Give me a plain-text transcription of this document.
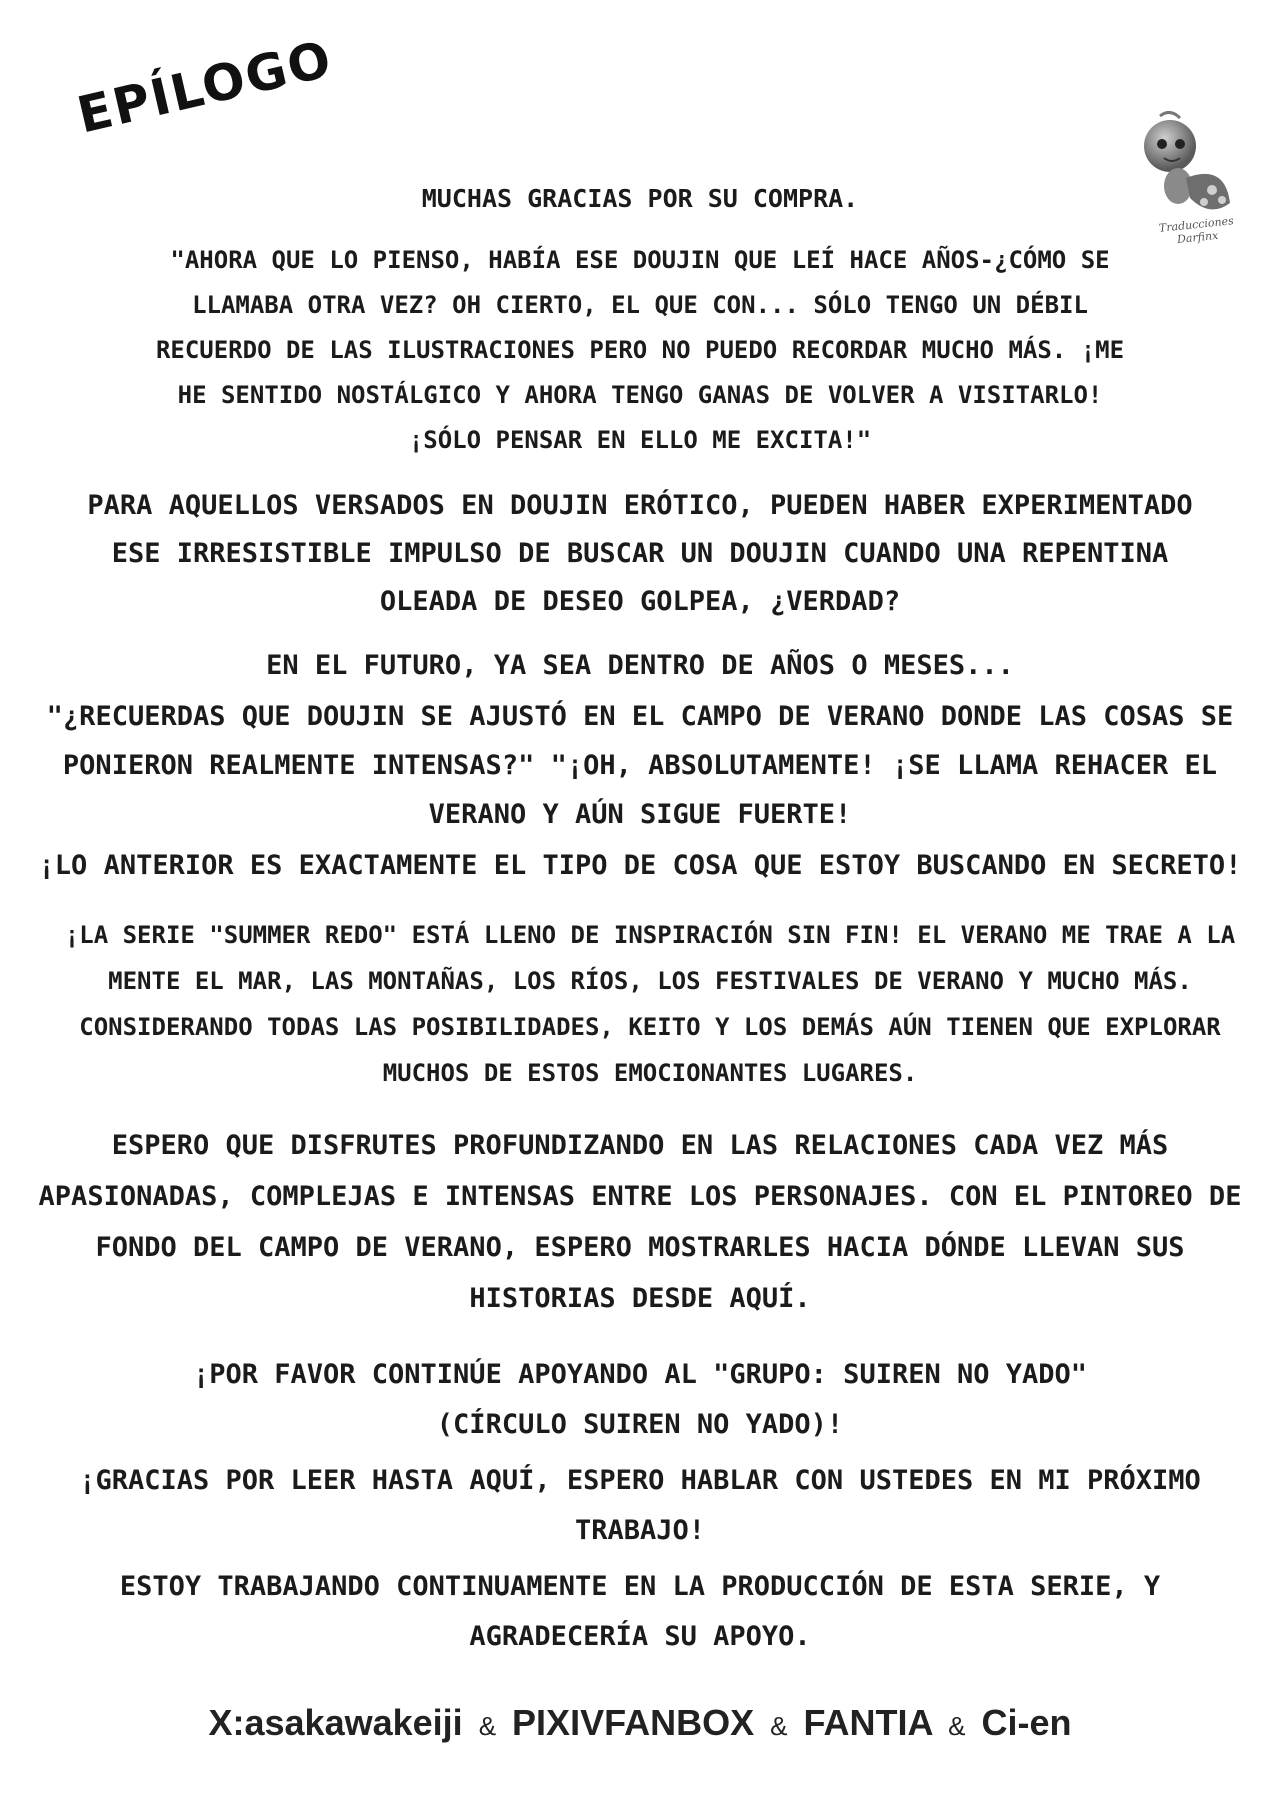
EPÍLOGO
Traducciones Darfinx
MUCHAS GRACIAS POR SU COMPRA.
"AHORA QUE LO PIENSO, HABÍA ESE DOUJIN QUE LEÍ HACE AÑOS-¿CÓMO SE LLAMABA OTRA VEZ? OH CIERTO, EL QUE CON... SÓLO TENGO UN DÉBIL RECUERDO DE LAS ILUSTRACIONES PERO NO PUEDO RECORDAR MUCHO MÁS. ¡ME HE SENTIDO NOSTÁLGICO Y AHORA TENGO GANAS DE VOLVER A VISITARLO! ¡SÓLO PENSAR EN ELLO ME EXCITA!"
PARA AQUELLOS VERSADOS EN DOUJIN ERÓTICO, PUEDEN HABER EXPERIMENTADO ESE IRRESISTIBLE IMPULSO DE BUSCAR UN DOUJIN CUANDO UNA REPENTINA OLEADA DE DESEO GOLPEA, ¿VERDAD?
EN EL FUTURO, YA SEA DENTRO DE AÑOS O MESES...
"¿RECUERDAS QUE DOUJIN SE AJUSTÓ EN EL CAMPO DE VERANO DONDE LAS COSAS SE PONIERON REALMENTE INTENSAS?" "¡OH, ABSOLUTAMENTE! ¡SE LLAMA REHACER EL VERANO Y AÚN SIGUE FUERTE!
¡LO ANTERIOR ES EXACTAMENTE EL TIPO DE COSA QUE ESTOY BUSCANDO EN SECRETO!
¡LA SERIE "SUMMER REDO" ESTÁ LLENO DE INSPIRACIÓN SIN FIN! EL VERANO ME TRAE A LA MENTE EL MAR, LAS MONTAÑAS, LOS RÍOS, LOS FESTIVALES DE VERANO Y MUCHO MÁS. CONSIDERANDO TODAS LAS POSIBILIDADES, KEITO Y LOS DEMÁS AÚN TIENEN QUE EXPLORAR MUCHOS DE ESTOS EMOCIONANTES LUGARES.
ESPERO QUE DISFRUTES PROFUNDIZANDO EN LAS RELACIONES CADA VEZ MÁS APASIONADAS, COMPLEJAS E INTENSAS ENTRE LOS PERSONAJES. CON EL PINTOREO DE FONDO DEL CAMPO DE VERANO, ESPERO MOSTRARLES HACIA DÓNDE LLEVAN SUS HISTORIAS DESDE AQUÍ.
¡POR FAVOR CONTINÚE APOYANDO AL "GRUPO: SUIREN NO YADO" (CÍRCULO SUIREN NO YADO)!
¡GRACIAS POR LEER HASTA AQUÍ, ESPERO HABLAR CON USTEDES EN MI PRÓXIMO TRABAJO!
ESTOY TRABAJANDO CONTINUAMENTE EN LA PRODUCCIÓN DE ESTA SERIE, Y AGRADECERÍA SU APOYO.
X:asakawakeiji & PIXIVFANBOX & FANTIA & Ci-en
